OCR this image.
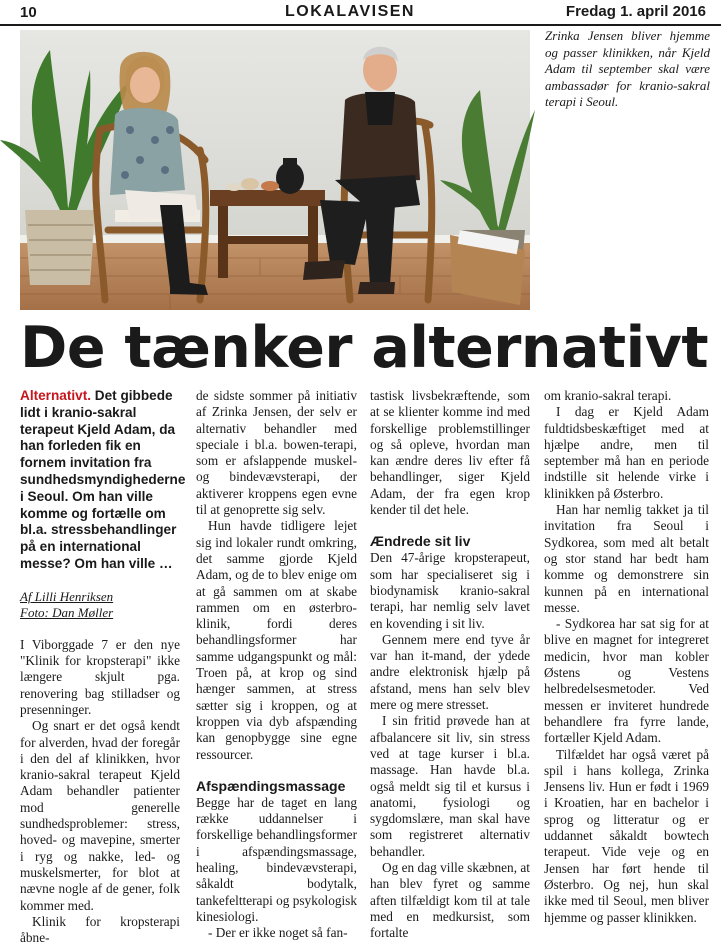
10	LOKALAVISEN	Fredag 1. april 2016

Zrinka Jensen bliver hjemme og passer klinikken, når Kjeld Adam til september skal være ambassadør for kranio-sakral terapi i Seoul.

De tænker alternativt

Alternativt. Det gibbede lidt i kranio-sakral terapeut Kjeld Adam, da han forleden fik en fornem invitation fra sundhedsmyndighederne i Seoul. Om han ville komme og fortælle om bl.a. stressbehandlinger på en international messe? Om han ville …

Af Lilli Henriksen
Foto: Dan Møller

I Viborggade 7 er den nye "Klinik for kropsterapi" ikke længere skjult pga. renovering bag stilladser og presenninger.

Og snart er det også kendt for alverden, hvad der foregår i den del af klinikken, hvor kranio-sakral terapeut Kjeld Adam behandler patienter mod generelle sundhedsproblemer: stress, hoved- og mavepine, smerter i ryg og nakke, led- og muskelsmerter, for blot at nævne nogle af de gener, folk kommer med.

Klinik for kropsterapi åbne-

de sidste sommer på initiativ af Zrinka Jensen, der selv er alternativ behandler med speciale i bl.a. bowen-terapi, som er afslappende muskel- og bindevævsterapi, der aktiverer kroppens egen evne til at genoprette sig selv.

Hun havde tidligere lejet sig ind lokaler rundt omkring, det samme gjorde Kjeld Adam, og de to blev enige om at gå sammen om at skabe rammen om en østerbro-klinik, fordi deres behandlingsformer har samme udgangspunkt og mål: Troen på, at krop og sind hænger sammen, at stress sætter sig i kroppen, og at kroppen via dyb afspænding kan genopbygge sine egne ressourcer.

Afspændingsmassage

Begge har de taget en lang række uddannelser i forskellige behandlingsformer i afspændingsmassage, healing, bindevævsterapi, såkaldt bodytalk, tankefeltterapi og psykologisk kinesiologi.

- Der er ikke noget så fan-

tastisk livsbekræftende, som at se klienter komme ind med forskellige problemstillinger og så opleve, hvordan man kan ændre deres liv efter få behandlinger, siger Kjeld Adam, der fra egen krop kender til det hele.

Ændrede sit liv

Den 47-årige kropsterapeut, som har specialiseret sig i biodynamisk kranio-sakral terapi, har nemlig selv lavet en kovending i sit liv.

Gennem mere end tyve år var han it-mand, der ydede andre elektronisk hjælp på afstand, mens han selv blev mere og mere stresset.

I sin fritid prøvede han at afbalancere sit liv, sin stress ved at tage kurser i bl.a. massage. Han havde bl.a. også meldt sig til et kursus i anatomi, fysiologi og sygdomslære, man skal have som registreret alternativ behandler.

Og en dag ville skæbnen, at han blev fyret og samme aften tilfældigt kom til at tale med en medkursist, som fortalte

om kranio-sakral terapi.

I dag er Kjeld Adam fuldtidsbeskæftiget med at hjælpe andre, men til september må han en periode indstille sit helende virke i klinikken på Østerbro.

Han har nemlig takket ja til invitation fra Seoul i Sydkorea, som med alt betalt og stor stand har bedt ham komme og demonstrere sin kunnen på en international messe.

- Sydkorea har sat sig for at blive en magnet for integreret medicin, hvor man kobler Østens og Vestens helbredelsesmetoder. Ved messen er inviteret hundrede behandlere fra fyrre lande, fortæller Kjeld Adam.

Tilfældet har også været på spil i hans kollega, Zrinka Jensens liv. Hun er født i 1969 i Kroatien, har en bachelor i sprog og litteratur og er uddannet såkaldt bowtech terapeut. Vide veje og en Jensen har ført hende til Østerbro. Og nej, hun skal ikke med til Seoul, men bliver hjemme og passer klinikken.
